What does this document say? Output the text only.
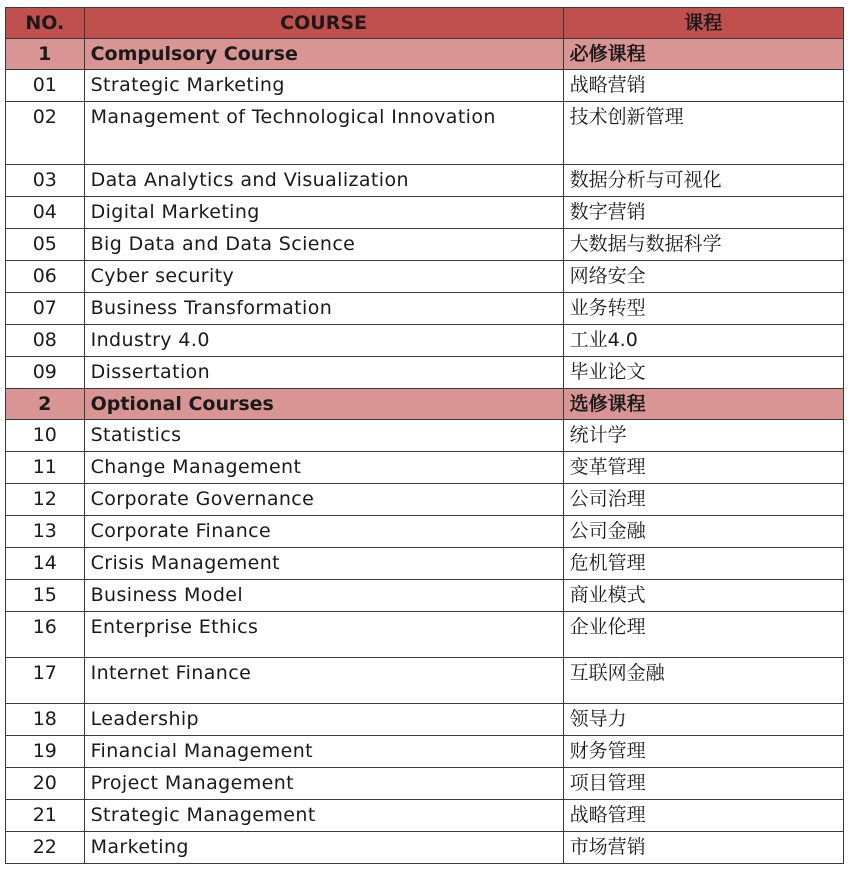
NO.	COURSE	课程
1	Compulsory Course	必修课程
01	Strategic Marketing	战略营销
02	Management of Technological Innovation	技术创新管理
03	Data Analytics and Visualization	数据分析与可视化
04	Digital Marketing	数字营销
05	Big Data and Data Science	大数据与数据科学
06	Cyber security	网络安全
07	Business Transformation	业务转型
08	Industry 4.0	工业4.0
09	Dissertation	毕业论文
2	Optional Courses	选修课程
10	Statistics	统计学
11	Change Management	变革管理
12	Corporate Governance	公司治理
13	Corporate Finance	公司金融
14	Crisis Management	危机管理
15	Business Model	商业模式
16	Enterprise Ethics	企业伦理
17	Internet Finance	互联网金融
18	Leadership	领导力
19	Financial Management	财务管理
20	Project Management	项目管理
21	Strategic Management	战略管理
22	Marketing	市场营销
